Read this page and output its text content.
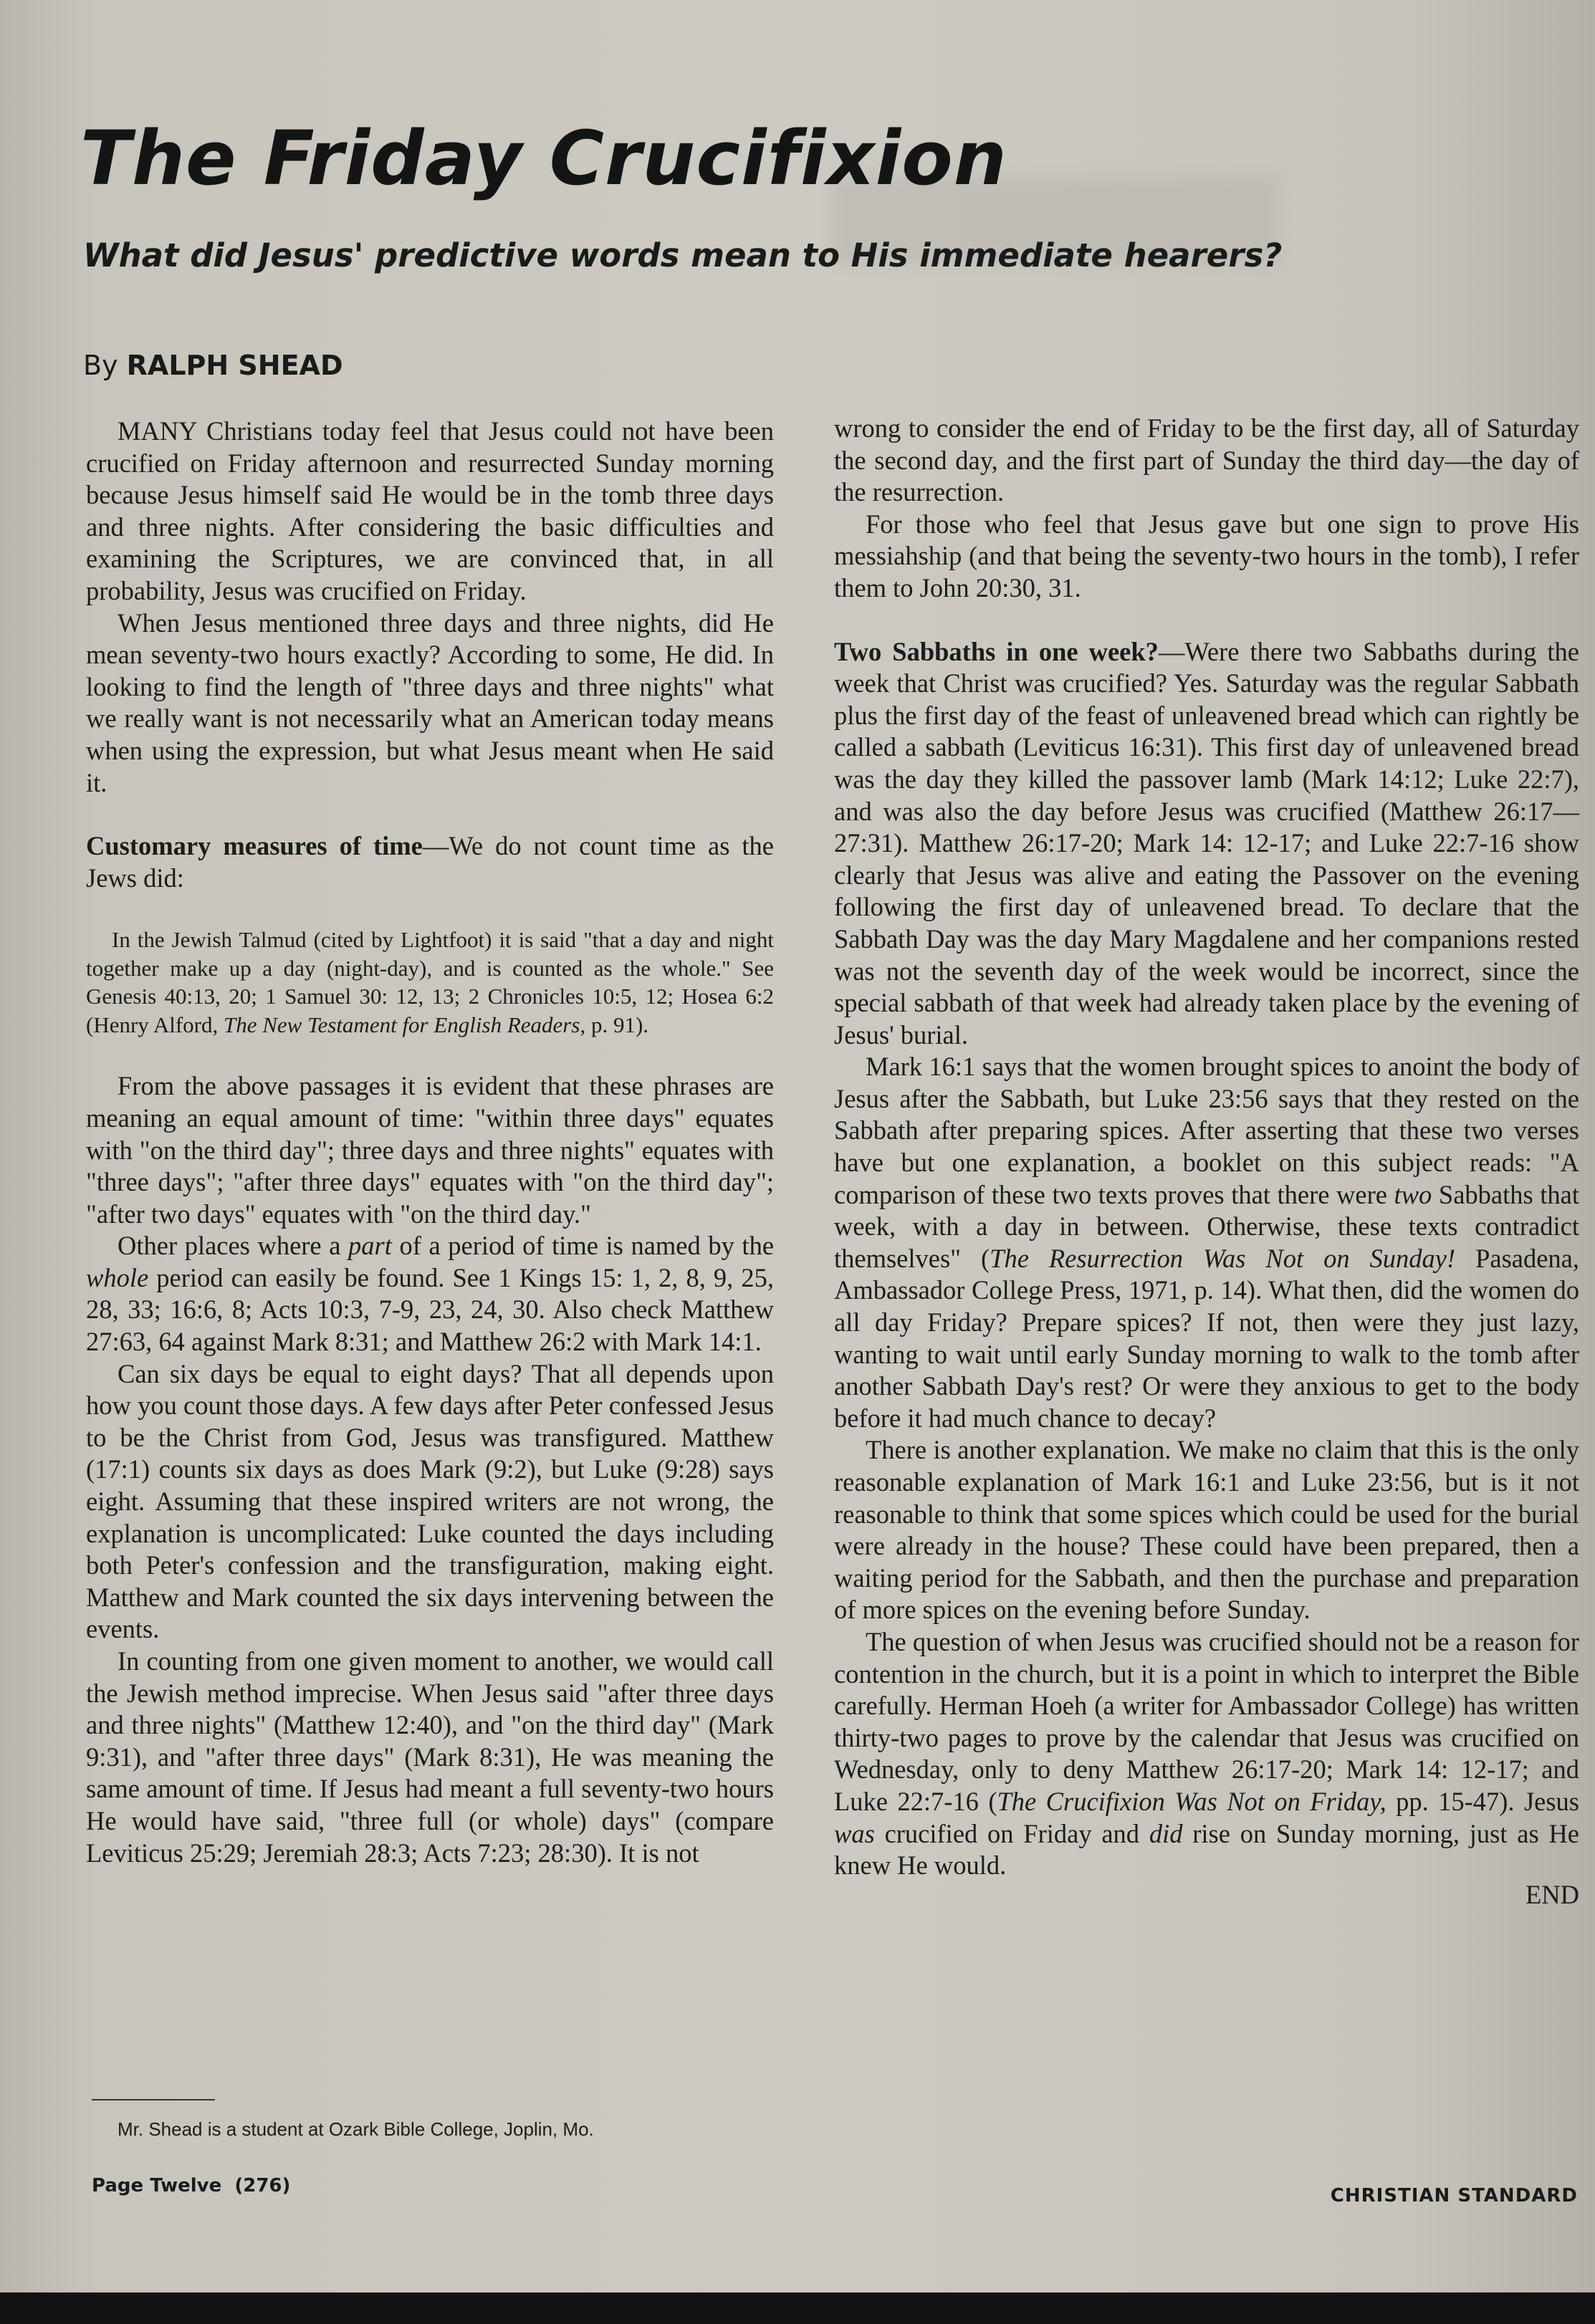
The Friday Crucifixion
What did Jesus' predictive words mean to His immediate hearers?
By RALPH SHEAD

MANY Christians today feel that Jesus could not have been crucified on Friday afternoon and resurrected Sunday morning because Jesus himself said He would be in the tomb three days and three nights. After considering the basic difficulties and examining the Scriptures, we are convinced that, in all probability, Jesus was crucified on Friday.

When Jesus mentioned three days and three nights, did He mean seventy-two hours exactly? According to some, He did. In looking to find the length of "three days and three nights" what we really want is not necessarily what an American today means when using the expression, but what Jesus meant when He said it.

Customary measures of time—We do not count time as the Jews did:

In the Jewish Talmud (cited by Lightfoot) it is said "that a day and night together make up a day (night-day), and is counted as the whole." See Genesis 40:13, 20; 1 Samuel 30: 12, 13; 2 Chronicles 10:5, 12; Hosea 6:2 (Henry Alford, The New Testament for English Readers, p. 91).

From the above passages it is evident that these phrases are meaning an equal amount of time: "within three days" equates with "on the third day"; three days and three nights" equates with "three days"; "after three days" equates with "on the third day"; "after two days" equates with "on the third day."

Other places where a part of a period of time is named by the whole period can easily be found. See 1 Kings 15: 1, 2, 8, 9, 25, 28, 33; 16:6, 8; Acts 10:3, 7-9, 23, 24, 30. Also check Matthew 27:63, 64 against Mark 8:31; and Matthew 26:2 with Mark 14:1.

Can six days be equal to eight days? That all depends upon how you count those days. A few days after Peter confessed Jesus to be the Christ from God, Jesus was transfigured. Matthew (17:1) counts six days as does Mark (9:2), but Luke (9:28) says eight. Assuming that these inspired writers are not wrong, the explanation is uncomplicated: Luke counted the days including both Peter's confession and the transfiguration, making eight. Matthew and Mark counted the six days intervening between the events.

In counting from one given moment to another, we would call the Jewish method imprecise. When Jesus said "after three days and three nights" (Matthew 12:40), and "on the third day" (Mark 9:31), and "after three days" (Mark 8:31), He was meaning the same amount of time. If Jesus had meant a full seventy-two hours He would have said, "three full (or whole) days" (compare Leviticus 25:29; Jeremiah 28:3; Acts 7:23; 28:30). It is not

wrong to consider the end of Friday to be the first day, all of Saturday the second day, and the first part of Sunday the third day—the day of the resurrection.

For those who feel that Jesus gave but one sign to prove His messiahship (and that being the seventy-two hours in the tomb), I refer them to John 20:30, 31.

Two Sabbaths in one week?—Were there two Sabbaths during the week that Christ was crucified? Yes. Saturday was the regular Sabbath plus the first day of the feast of unleavened bread which can rightly be called a sabbath (Leviticus 16:31). This first day of unleavened bread was the day they killed the passover lamb (Mark 14:12; Luke 22:7), and was also the day before Jesus was crucified (Matthew 26:17—27:31). Matthew 26:17-20; Mark 14: 12-17; and Luke 22:7-16 show clearly that Jesus was alive and eating the Passover on the evening following the first day of unleavened bread. To declare that the Sabbath Day was the day Mary Magdalene and her companions rested was not the seventh day of the week would be incorrect, since the special sabbath of that week had already taken place by the evening of Jesus' burial.

Mark 16:1 says that the women brought spices to anoint the body of Jesus after the Sabbath, but Luke 23:56 says that they rested on the Sabbath after preparing spices. After asserting that these two verses have but one explanation, a booklet on this subject reads: "A comparison of these two texts proves that there were two Sabbaths that week, with a day in between. Otherwise, these texts contradict themselves" (The Resurrection Was Not on Sunday! Pasadena, Ambassador College Press, 1971, p. 14). What then, did the women do all day Friday? Prepare spices? If not, then were they just lazy, wanting to wait until early Sunday morning to walk to the tomb after another Sabbath Day's rest? Or were they anxious to get to the body before it had much chance to decay?

There is another explanation. We make no claim that this is the only reasonable explanation of Mark 16:1 and Luke 23:56, but is it not reasonable to think that some spices which could be used for the burial were already in the house? These could have been prepared, then a waiting period for the Sabbath, and then the purchase and preparation of more spices on the evening before Sunday.

The question of when Jesus was crucified should not be a reason for contention in the church, but it is a point in which to interpret the Bible carefully. Herman Hoeh (a writer for Ambassador College) has written thirty-two pages to prove by the calendar that Jesus was crucified on Wednesday, only to deny Matthew 26:17-20; Mark 14: 12-17; and Luke 22:7-16 (The Crucifixion Was Not on Friday, pp. 15-47). Jesus was crucified on Friday and did rise on Sunday morning, just as He knew He would.

END

Mr. Shead is a student at Ozark Bible College, Joplin, Mo.

Page Twelve (276)	CHRISTIAN STANDARD
